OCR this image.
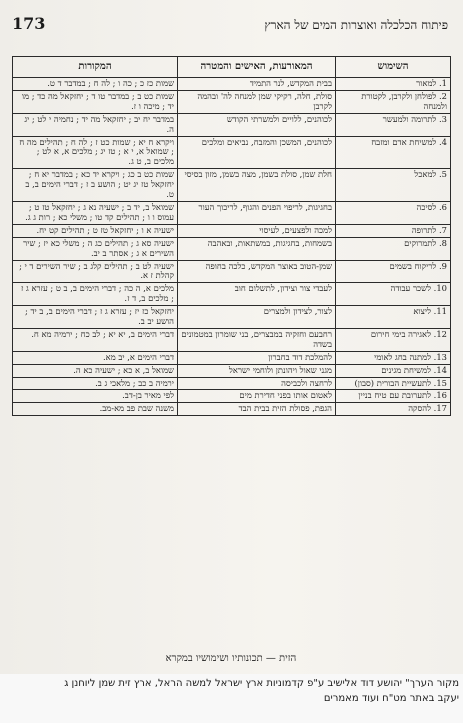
173	פיתוח הכלכלה ואוצרות המים של הארץ
השימוש	המאורעות, האישים והמטרה	המקורות
1. למאור	בבית המקדש, לנר התמיד	שמות כז כ ; כה ו ; לה ח ; במדבר ד ט.
2. לפולחן ולקרבן, לקטורת ולמנחה	סולת, חלה, רקיקי שמן למנחה לה' ובהמה לקרבן	שמות כט ב ; במדבר טו ד ; יחזקאל מה כד ; מו יד ; מיכה ו ז.
3. לתרומה ולמעשר	לכוהנים, ללויים ולמשרתי הקודש	במדבר יח יב ; יחזקאל מה יד ; נחמיה י לט ; יג ה.
4. למשיחת אדם ומזבח	לכוהנים, המשכן והמזבח, נביאים ומלכים	ויקרא ח יא ; שמות כט ז ; לה ח ; תהילים מה ח ; שמואל א, י א ; טז יג ; מלכים א, א לט ; מלכים ב, ט ג.
5. למאכל	חלת שמן, סולת בשמן, מצה בשמן, מזון בסיסי	שמות כט ב כג ; ויקרא יד כא ; במדבר יא ח ; יחזקאל טז יג יט ; הושע ב ז ; דברי הימים ב, ב ט.
6. לסיכה	בחגיגות, לריפוי הפנים והגוף, לריכוך העור	שמואל ב, יד ב ; ישעיה נא ג ; יחזקאל טז ט ; עמוס ו ו ; תהילים קד טו ; משלי כא ; רות ג ג.
7. לתרופה	למכה ולפצעים, לעיסוי	ישעיה א ו ; יחזקאל טז ט ; תהילים קט יח.
8. לתמרוקים	בשמחות, בחגיגות, במשתאות, ובאהבה	ישעיה סא ג ; תהילים כג ה ; משלי כא יז ; שיר השירים א ג ; אסתר ב יב.
9. לריקוח בשמים	שמן-הטוב באוצר המקדש, כלכה בחופה	ישעיה לט ב ; תהילים קלג ב ; שיר השירים ד י ; קהלת ז א.
10. לשכר עבודה	לעבדי צור וצידון, לתשלום חוב	מלכים א, ה כה ; דברי הימים ב, ב ט ; עזרא ג ז ; מלכים ב, ד ז.
11. ליצוא	לצור, לצידון ולמצרים	יחזקאל כז יז ; עזרא ג ז ; דברי הימים ב, ב יד ; הושע יב ב.
12. לאגירה בימי חירום	רחבעם וחזקיה במבצרים, בני שומרון במטמונים בשדה	דברי הימים ב, יא יא ; לב כח ; ירמיה מא ח.
13. למתנה בחג לאומי	להמלכת דוד בחברון	דברי הימים א, יב מא.
14. למשיחת מגינים	מגני שאול ויהונתן ולוחמי ישראל	שמואל ב, א כא ; ישעיה כא ה.
15. לתעשיית הבורית (סבון)	לרחצה ולכביסה	ירמיה ב כב ; מלאכי ג ב.
16. לתערובת עם טיח בניין	לאטום אותו בפני חדירת מים	לפי מאיר בן-דב.
17. להסקה	הגפת, פסולת הזית בבית הבד	משנה שבת פב מא-מב.
הזית — תכונותיו ושימושיו במקרא
מקור הערך" יהושע דוד אלישיב ע"פ קדמוניות ארץ ישראל למשה הראל, ארץ זית שמן ליוחנן ג
יעקב באתר מט"ח ועוד מאמרים
